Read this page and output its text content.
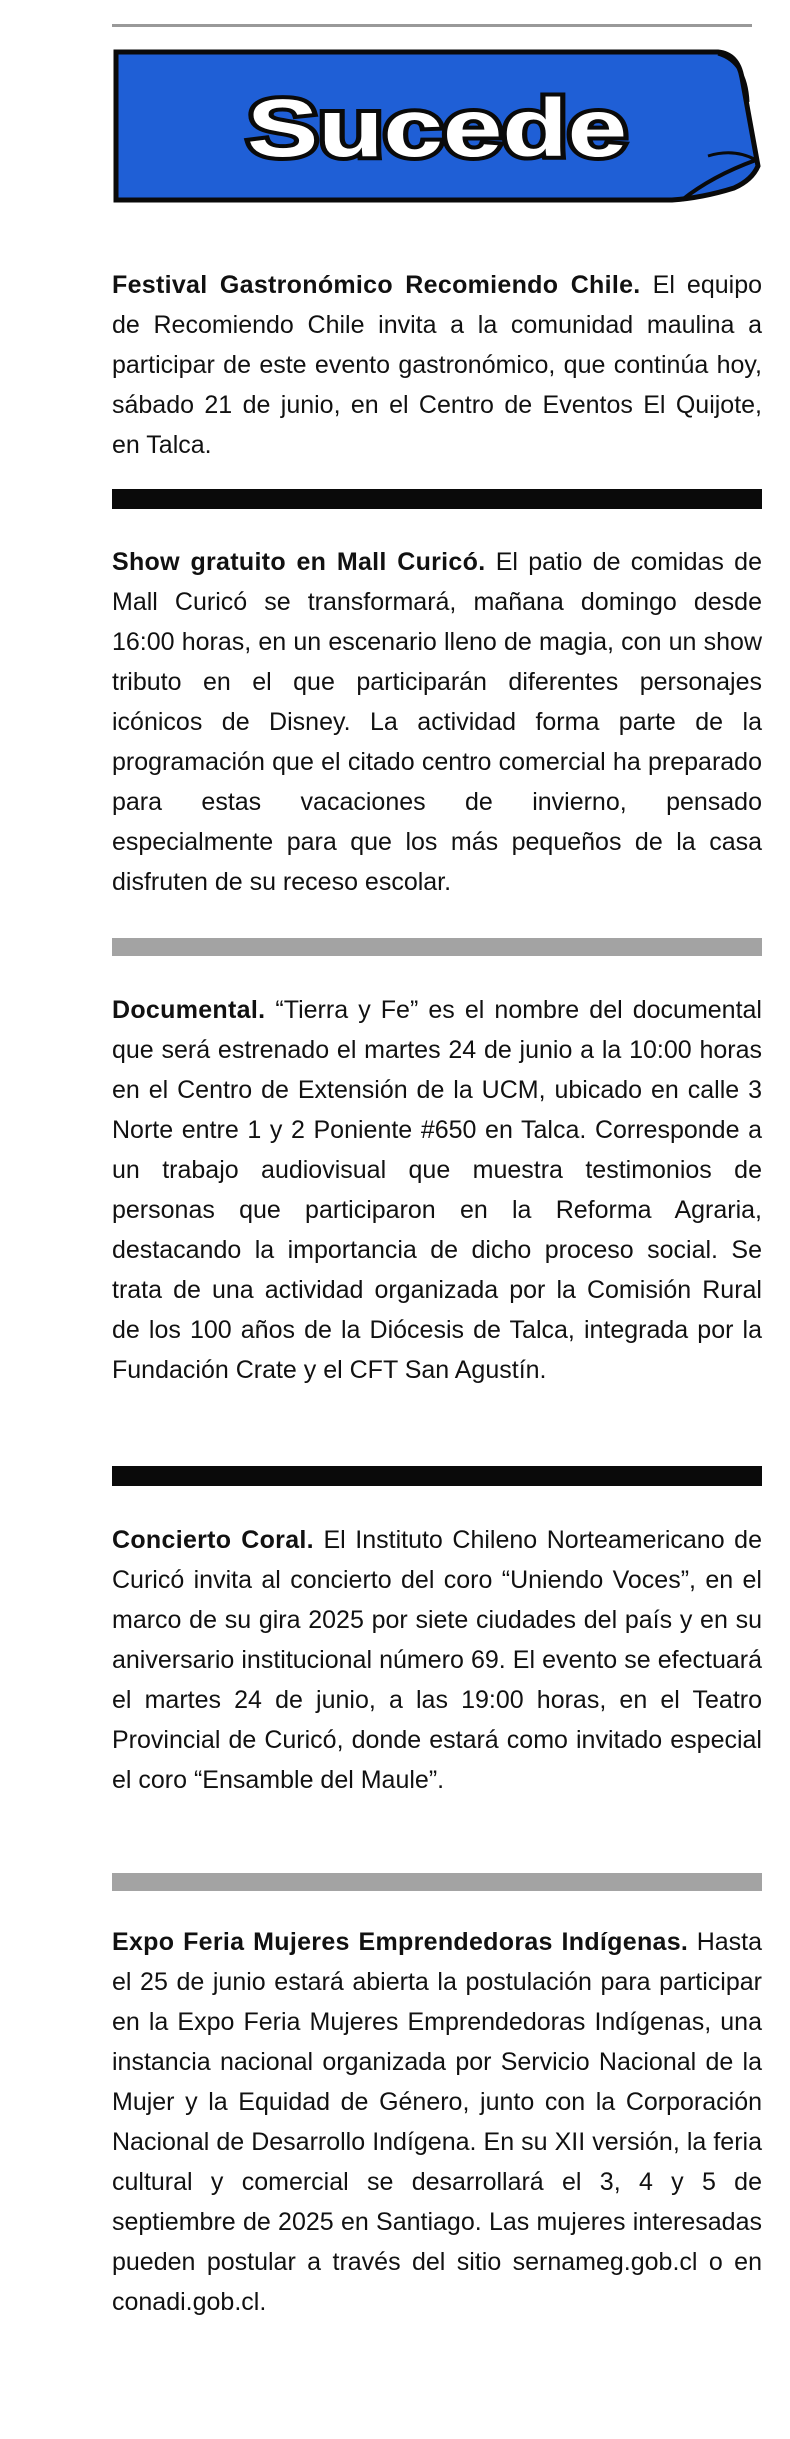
Sucede
Festival Gastronómico Recomiendo Chile. El equipo de Recomiendo Chile invita a la comunidad maulina a participar de este evento gastronómico, que continúa hoy, sábado 21 de junio, en el Centro de Eventos El Quijote, en Talca.
Show gratuito en Mall Curicó. El patio de comidas de Mall Curicó se transformará, mañana domingo desde 16:00 horas, en un escenario lleno de magia, con un show tributo en el que participarán diferentes personajes icónicos de Disney. La actividad forma parte de la programación que el citado centro comercial ha preparado para estas vacaciones de invierno, pensado especialmente para que los más pequeños de la casa disfruten de su receso escolar.
Documental. “Tierra y Fe” es el nombre del documental que será estrenado el martes 24 de junio a la 10:00 horas en el Centro de Extensión de la UCM, ubicado en calle 3 Norte entre 1 y 2 Poniente #650 en Talca. Corresponde a un trabajo audiovisual que muestra testimonios de personas que participaron en la Reforma Agraria, destacando la importancia de dicho proceso social. Se trata de una actividad organizada por la Comisión Rural de los 100 años de la Diócesis de Talca, integrada por la Fundación Crate y el CFT San Agustín.
Concierto Coral. El Instituto Chileno Norteamericano de Curicó invita al concierto del coro “Uniendo Voces”, en el marco de su gira 2025 por siete ciudades del país y en su aniversario institucional número 69. El evento se efectuará el martes 24 de junio, a las 19:00 horas, en el Teatro Provincial de Curicó, donde estará como invitado especial el coro “Ensamble del Maule”.
Expo Feria Mujeres Emprendedoras Indígenas. Hasta el 25 de junio estará abierta la postulación para participar en la Expo Feria Mujeres Emprendedoras Indígenas, una instancia nacional organizada por Servicio Nacional de la Mujer y la Equidad de Género, junto con la Corporación Nacional de Desarrollo Indígena. En su XII versión, la feria cultural y comercial se desarrollará el 3, 4 y 5 de septiembre de 2025 en Santiago. Las mujeres interesadas pueden postular a través del sitio sernameg.gob.cl o en conadi.gob.cl.
